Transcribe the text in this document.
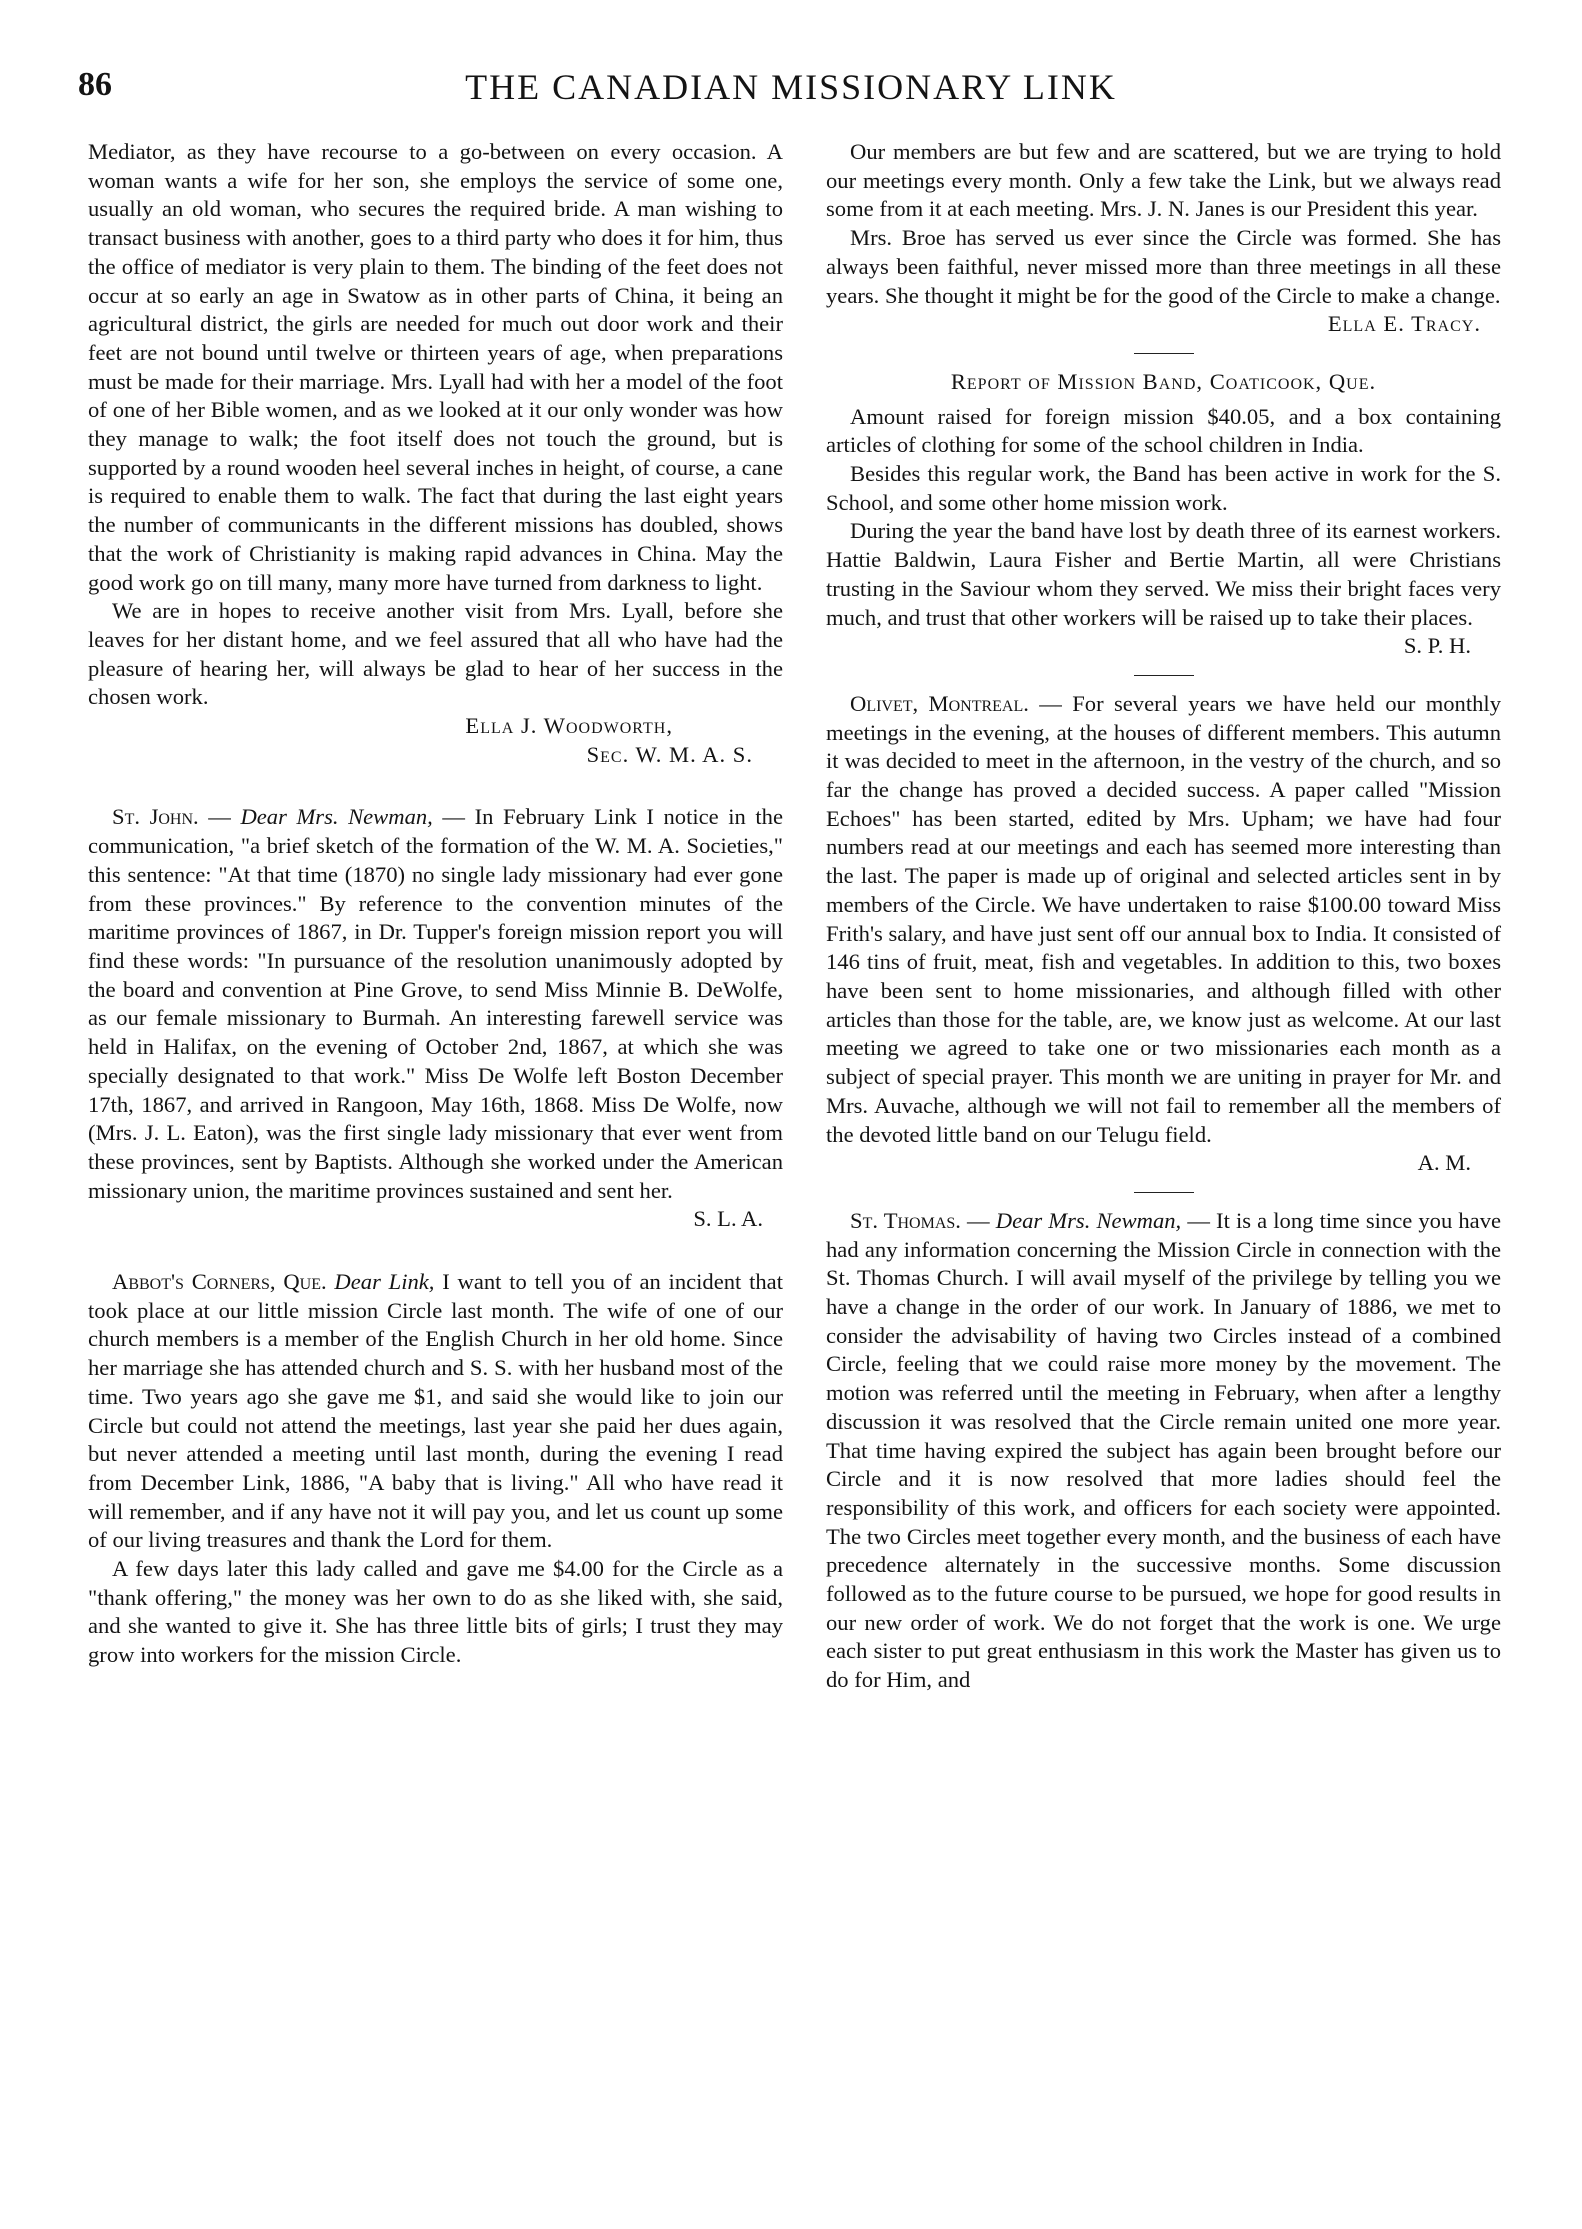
86	THE CANADIAN MISSIONARY LINK

Mediator, as they have recourse to a go-between on every occasion. A woman wants a wife for her son, she employs the service of some one, usually an old woman, who secures the required bride. A man wishing to transact business with another, goes to a third party who does it for him, thus the office of mediator is very plain to them. The binding of the feet does not occur at so early an age in Swatow as in other parts of China, it being an agricultural district, the girls are needed for much out door work and their feet are not bound until twelve or thirteen years of age, when preparations must be made for their marriage. Mrs. Lyall had with her a model of the foot of one of her Bible women, and as we looked at it our only wonder was how they manage to walk; the foot itself does not touch the ground, but is supported by a round wooden heel several inches in height, of course, a cane is required to enable them to walk. The fact that during the last eight years the number of communicants in the different missions has doubled, shows that the work of Christianity is making rapid advances in China. May the good work go on till many, many more have turned from darkness to light.

We are in hopes to receive another visit from Mrs. Lyall, before she leaves for her distant home, and we feel assured that all who have had the pleasure of hearing her, will always be glad to hear of her success in the chosen work.

Ella J. Woodworth,

Sec. W. M. A. S.

St. John. — Dear Mrs. Newman, — In February Link I notice in the communication, "a brief sketch of the formation of the W. M. A. Societies," this sentence: "At that time (1870) no single lady missionary had ever gone from these provinces." By reference to the convention minutes of the maritime provinces of 1867, in Dr. Tupper's foreign mission report you will find these words: "In pursuance of the resolution unanimously adopted by the board and convention at Pine Grove, to send Miss Minnie B. DeWolfe, as our female missionary to Burmah. An interesting farewell service was held in Halifax, on the evening of October 2nd, 1867, at which she was specially designated to that work." Miss De Wolfe left Boston December 17th, 1867, and arrived in Rangoon, May 16th, 1868. Miss De Wolfe, now (Mrs. J. L. Eaton), was the first single lady missionary that ever went from these provinces, sent by Baptists. Although she worked under the American missionary union, the maritime provinces sustained and sent her.

S. L. A.

Abbot's Corners, Que. Dear Link, I want to tell you of an incident that took place at our little mission Circle last month. The wife of one of our church members is a member of the English Church in her old home. Since her marriage she has attended church and S. S. with her husband most of the time. Two years ago she gave me $1, and said she would like to join our Circle but could not attend the meetings, last year she paid her dues again, but never attended a meeting until last month, during the evening I read from December Link, 1886, "A baby that is living." All who have read it will remember, and if any have not it will pay you, and let us count up some of our living treasures and thank the Lord for them.

A few days later this lady called and gave me $4.00 for the Circle as a "thank offering," the money was her own to do as she liked with, she said, and she wanted to give it. She has three little bits of girls; I trust they may grow into workers for the mission Circle.

Our members are but few and are scattered, but we are trying to hold our meetings every month. Only a few take the Link, but we always read some from it at each meeting. Mrs. J. N. Janes is our President this year.

Mrs. Broe has served us ever since the Circle was formed. She has always been faithful, never missed more than three meetings in all these years. She thought it might be for the good of the Circle to make a change.

Ella E. Tracy.

Report of Mission Band, Coaticook, Que.

Amount raised for foreign mission $40.05, and a box containing articles of clothing for some of the school children in India.

Besides this regular work, the Band has been active in work for the S. School, and some other home mission work.

During the year the band have lost by death three of its earnest workers. Hattie Baldwin, Laura Fisher and Bertie Martin, all were Christians trusting in the Saviour whom they served. We miss their bright faces very much, and trust that other workers will be raised up to take their places.

S. P. H.

Olivet, Montreal. — For several years we have held our monthly meetings in the evening, at the houses of different members. This autumn it was decided to meet in the afternoon, in the vestry of the church, and so far the change has proved a decided success. A paper called "Mission Echoes" has been started, edited by Mrs. Upham; we have had four numbers read at our meetings and each has seemed more interesting than the last. The paper is made up of original and selected articles sent in by members of the Circle. We have undertaken to raise $100.00 toward Miss Frith's salary, and have just sent off our annual box to India. It consisted of 146 tins of fruit, meat, fish and vegetables. In addition to this, two boxes have been sent to home missionaries, and although filled with other articles than those for the table, are, we know just as welcome. At our last meeting we agreed to take one or two missionaries each month as a subject of special prayer. This month we are uniting in prayer for Mr. and Mrs. Auvache, although we will not fail to remember all the members of the devoted little band on our Telugu field.

A. M.

St. Thomas. — Dear Mrs. Newman, — It is a long time since you have had any information concerning the Mission Circle in connection with the St. Thomas Church. I will avail myself of the privilege by telling you we have a change in the order of our work. In January of 1886, we met to consider the advisability of having two Circles instead of a combined Circle, feeling that we could raise more money by the movement. The motion was referred until the meeting in February, when after a lengthy discussion it was resolved that the Circle remain united one more year. That time having expired the subject has again been brought before our Circle and it is now resolved that more ladies should feel the responsibility of this work, and officers for each society were appointed. The two Circles meet together every month, and the business of each have precedence alternately in the successive months. Some discussion followed as to the future course to be pursued, we hope for good results in our new order of work. We do not forget that the work is one. We urge each sister to put great enthusiasm in this work the Master has given us to do for Him, and
